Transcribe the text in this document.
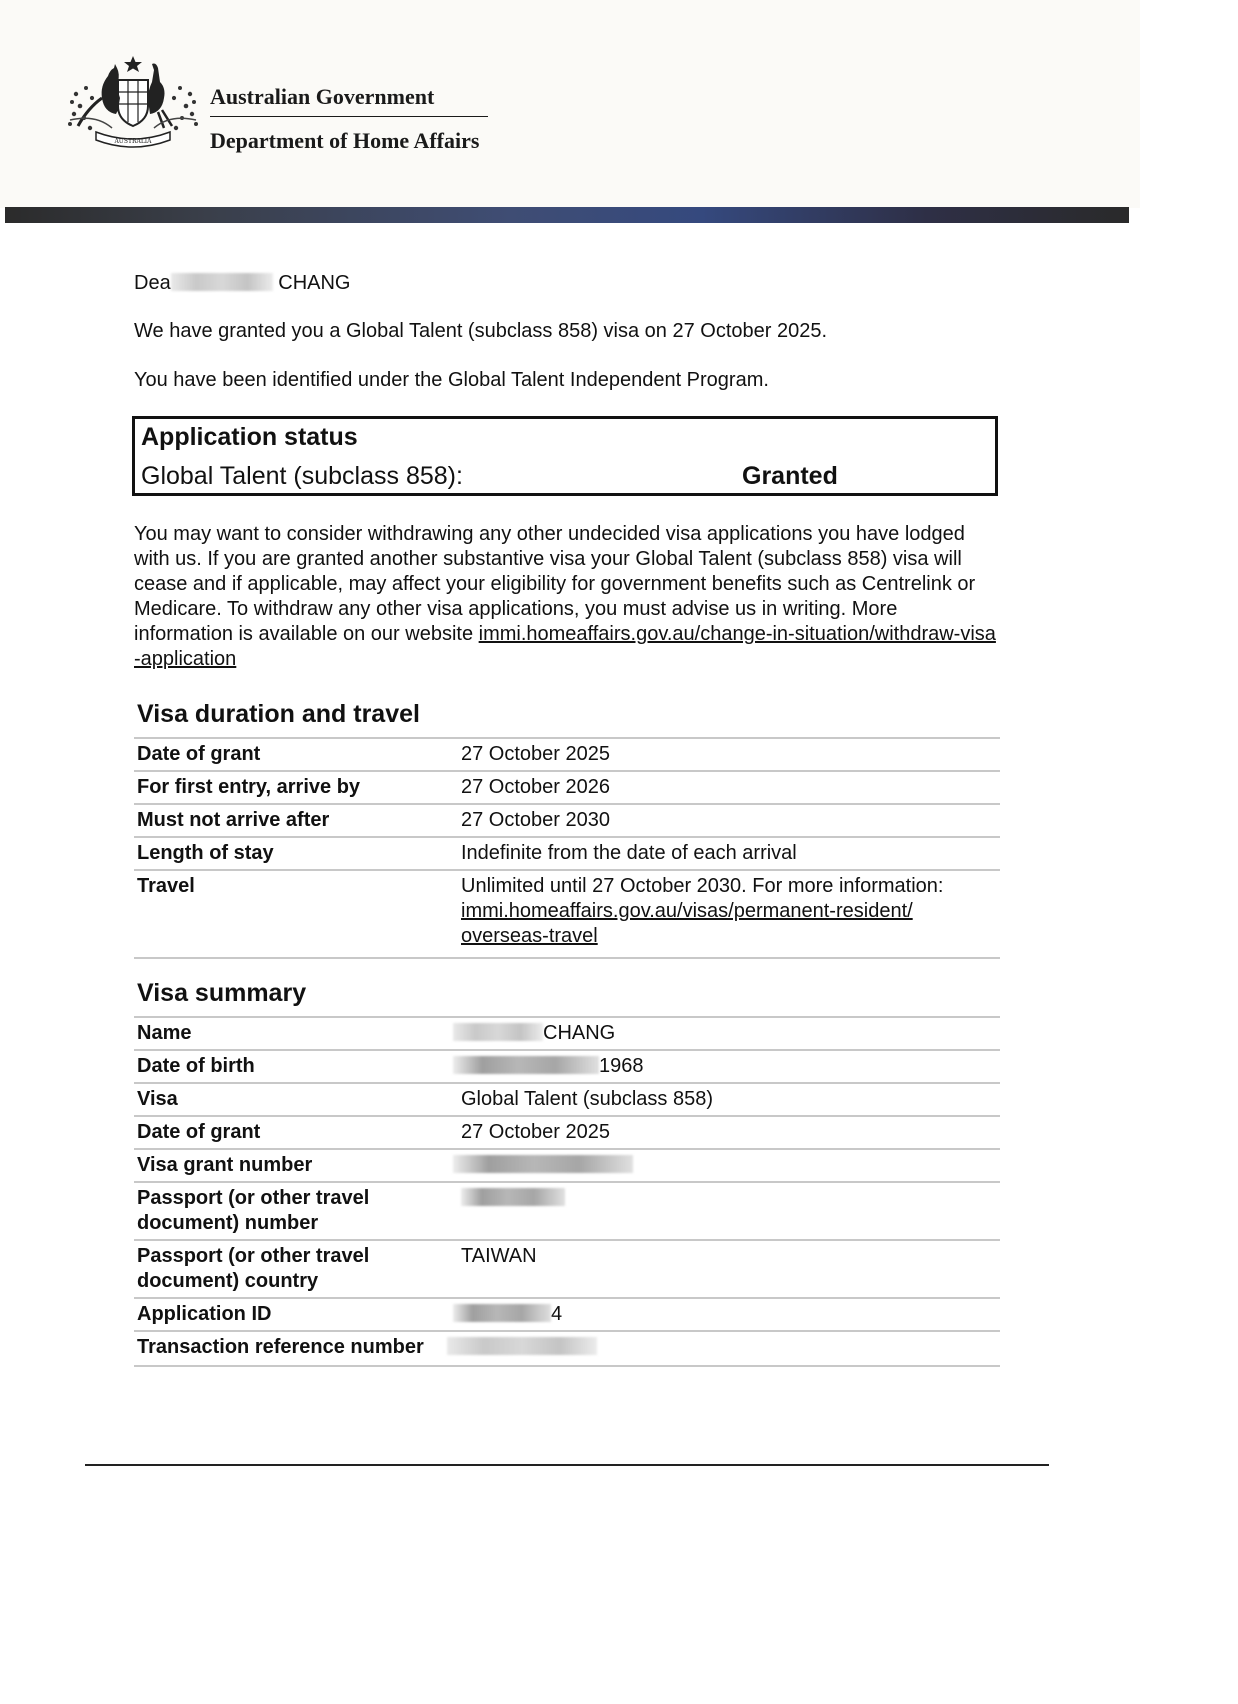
AUSTRALIA
Australian Government
Department of Home Affairs

Dea	CHANG

We have granted you a Global Talent (subclass 858) visa on 27 October 2025.

You have been identified under the Global Talent Independent Program.

Application status
Global Talent (subclass 858):	Granted

You may want to consider withdrawing any other undecided visa applications you have lodged with us. If you are granted another substantive visa your Global Talent (subclass 858) visa will cease and if applicable, may affect your eligibility for government benefits such as Centrelink or Medicare. To withdraw any other visa applications, you must advise us in writing. More information is available on our website immi.homeaffairs.gov.au/change-in-situation/withdraw-visa-application

Visa duration and travel
Date of grant	27 October 2025
For first entry, arrive by	27 October 2026
Must not arrive after	27 October 2030
Length of stay	Indefinite from the date of each arrival
Travel	Unlimited until 27 October 2030. For more information:
immi.homeaffairs.gov.au/visas/permanent-resident/
overseas-travel
Visa summary
Name	CHANG
Date of birth	1968
Visa	Global Talent (subclass 858)
Date of grant	27 October 2025
Visa grant number	
Passport (or other travel document) number	
Passport (or other travel document) country	TAIWAN
Application ID	4
Transaction reference number	
